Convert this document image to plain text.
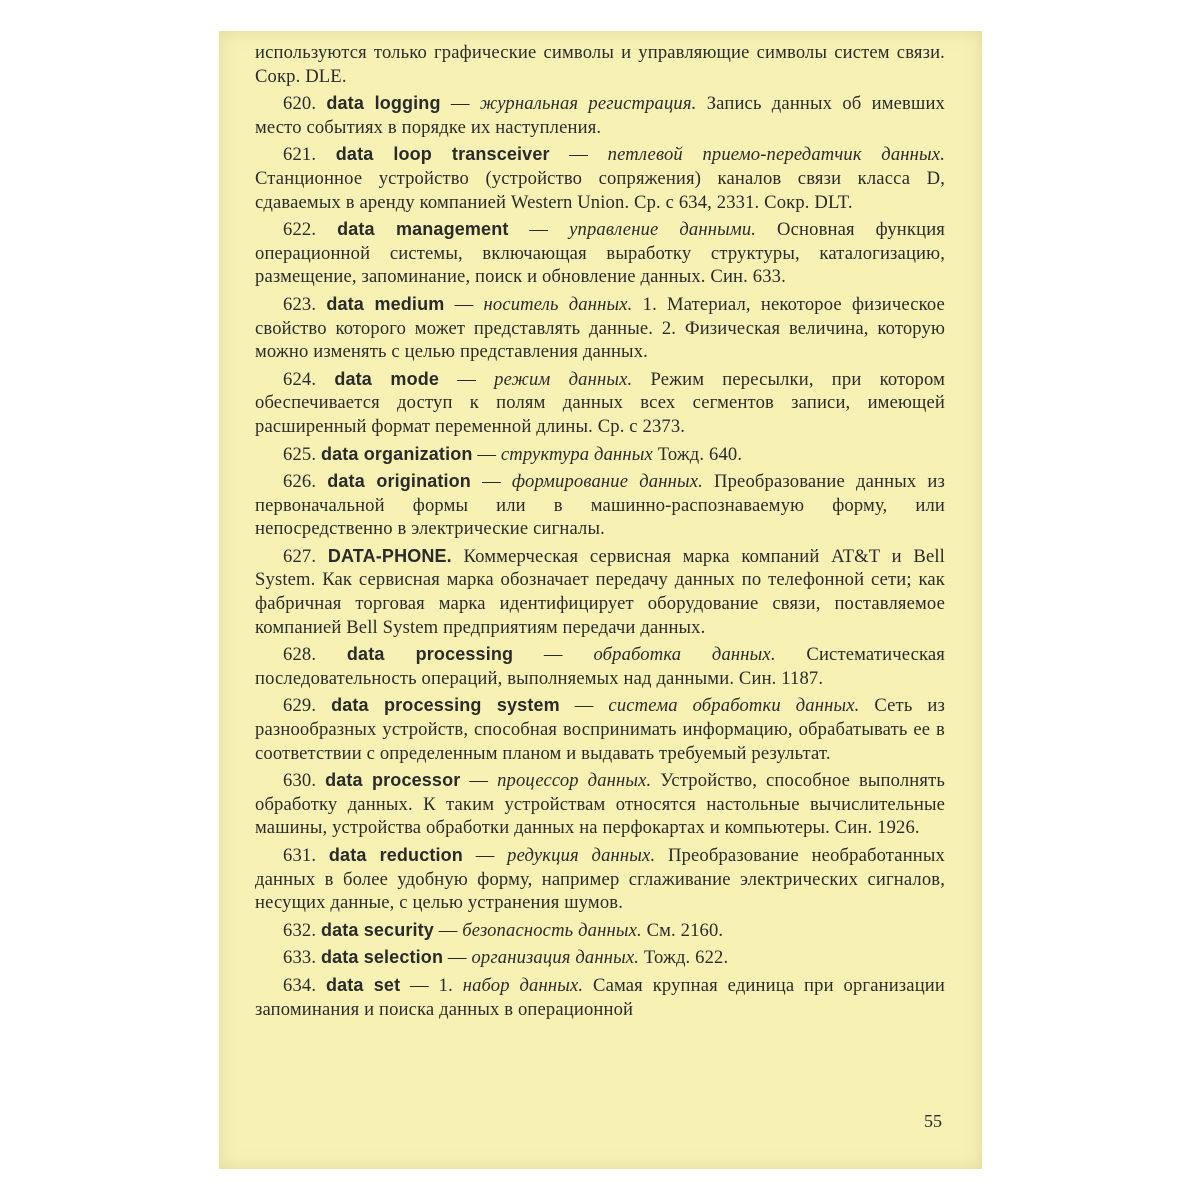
используются только графические символы и управляющие символы систем связи. Сокр. DLE.

620. data logging — журнальная регистрация. Запись данных об имевших место событиях в порядке их наступления.

621. data loop transceiver — петлевой приемо-передатчик данных. Станционное устройство (устройство сопряжения) каналов связи класса D, сдаваемых в аренду компанией Western Union. Ср. с 634, 2331. Сокр. DLT.

622. data management — управление данными. Основная функция операционной системы, включающая выработку структуры, каталогизацию, размещение, запоминание, поиск и обновление данных. Син. 633.

623. data medium — носитель данных. 1. Материал, некоторое физическое свойство которого может представлять данные. 2. Физическая величина, которую можно изменять с целью представления данных.

624. data mode — режим данных. Режим пересылки, при котором обеспечивается доступ к полям данных всех сегментов записи, имеющей расширенный формат переменной длины. Ср. с 2373.

625. data organization — структура данных Тожд. 640.

626. data origination — формирование данных. Преобразование данных из первоначальной формы или в машинно-распознаваемую форму, или непосредственно в электрические сигналы.

627. DATA-PHONE. Коммерческая сервисная марка компаний AT&T и Bell System. Как сервисная марка обозначает передачу данных по телефонной сети; как фабричная торговая марка идентифицирует оборудование связи, поставляемое компанией Bell System предприятиям передачи данных.

628. data processing — обработка данных. Систематическая последовательность операций, выполняемых над данными. Син. 1187.

629. data processing system — система обработки данных. Сеть из разнообразных устройств, способная воспринимать информацию, обрабатывать ее в соответствии с определенным планом и выдавать требуемый результат.

630. data processor — процессор данных. Устройство, способное выполнять обработку данных. К таким устройствам относятся настольные вычислительные машины, устройства обработки данных на перфокартах и компьютеры. Син. 1926.

631. data reduction — редукция данных. Преобразование необработанных данных в более удобную форму, например сглаживание электрических сигналов, несущих данные, с целью устранения шумов.

632. data security — безопасность данных. См. 2160.

633. data selection — организация данных. Тожд. 622.

634. data set — 1. набор данных. Самая крупная единица при организации запоминания и поиска данных в операционной

55
